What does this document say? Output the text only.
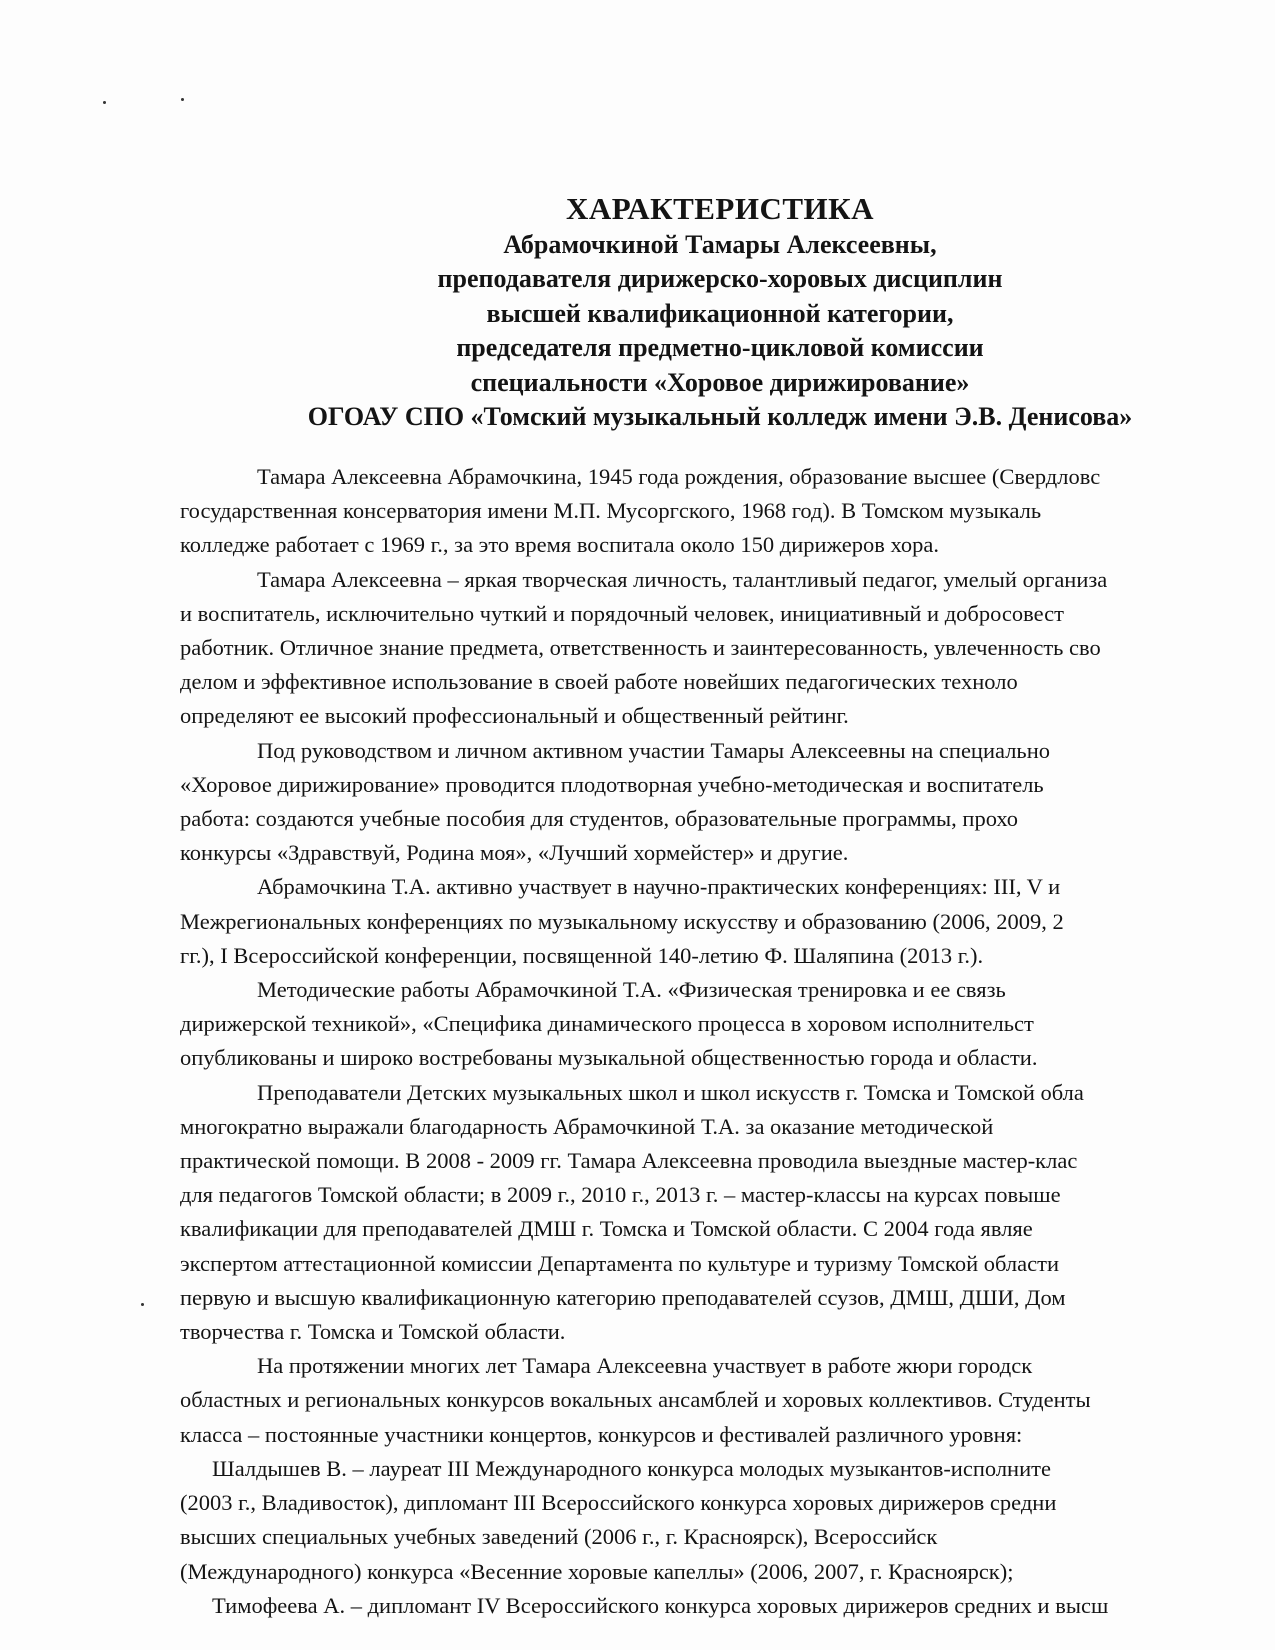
ХАРАКТЕРИСТИКА
Абрамочкиной Тамары Алексеевны,
преподавателя дирижерско-хоровых дисциплин
высшей квалификационной категории,
председателя предметно-цикловой комиссии
специальности «Хоровое дирижирование»
ОГОАУ СПО «Томский музыкальный колледж имени Э.В. Денисова»

Тамара Алексеевна Абрамочкина, 1945 года рождения, образование высшее (Свердловс

государственная консерватория имени М.П. Мусоргского, 1968 год). В Томском музыкаль

колледже работает с 1969 г., за это время воспитала около 150 дирижеров хора.

Тамара Алексеевна – яркая творческая личность, талантливый педагог, умелый организа

и воспитатель, исключительно чуткий и порядочный человек, инициативный и добросовест

работник. Отличное знание предмета, ответственность и заинтересованность, увлеченность сво

делом и эффективное использование в своей работе новейших педагогических техноло

определяют ее высокий профессиональный и общественный рейтинг.

Под руководством и личном активном участии Тамары Алексеевны на специально

«Хоровое дирижирование» проводится плодотворная учебно-методическая и воспитатель

работа: создаются учебные пособия для студентов, образовательные программы, прохо

конкурсы «Здравствуй, Родина моя», «Лучший хормейстер» и другие.

Абрамочкина Т.А. активно участвует в научно-практических конференциях: III, V и

Межрегиональных конференциях по музыкальному искусству и образованию (2006, 2009, 2

гг.), I Всероссийской конференции, посвященной 140-летию Ф. Шаляпина (2013 г.).

Методические работы Абрамочкиной Т.А. «Физическая тренировка и ее связь

дирижерской техникой», «Специфика динамического процесса в хоровом исполнительст

опубликованы и широко востребованы музыкальной общественностью города и области.

Преподаватели Детских музыкальных школ и школ искусств г. Томска и Томской обла

многократно выражали благодарность Абрамочкиной Т.А. за оказание методической

практической помощи. В 2008 - 2009 гг. Тамара Алексеевна проводила выездные мастер-клас

для педагогов Томской области; в 2009 г., 2010 г., 2013 г. – мастер-классы на курсах повыше

квалификации для преподавателей ДМШ г. Томска и Томской области. С 2004 года являе

экспертом аттестационной комиссии Департамента по культуре и туризму Томской области

первую и высшую квалификационную категорию преподавателей ссузов, ДМШ, ДШИ, Дом

творчества г. Томска и Томской области.

На протяжении многих лет Тамара Алексеевна участвует в работе жюри городск

областных и региональных конкурсов вокальных ансамблей и хоровых коллективов. Студенты

класса – постоянные участники концертов, конкурсов и фестивалей различного уровня:

Шалдышев В. – лауреат III Международного конкурса молодых музыкантов-исполните

(2003 г., Владивосток), дипломант III Всероссийского конкурса хоровых дирижеров средни

высших специальных учебных заведений (2006 г., г. Красноярск), Всероссийск

(Международного) конкурса «Весенние хоровые капеллы» (2006, 2007, г. Красноярск);

Тимофеева А. – дипломант IV Всероссийского конкурса хоровых дирижеров средних и высш
